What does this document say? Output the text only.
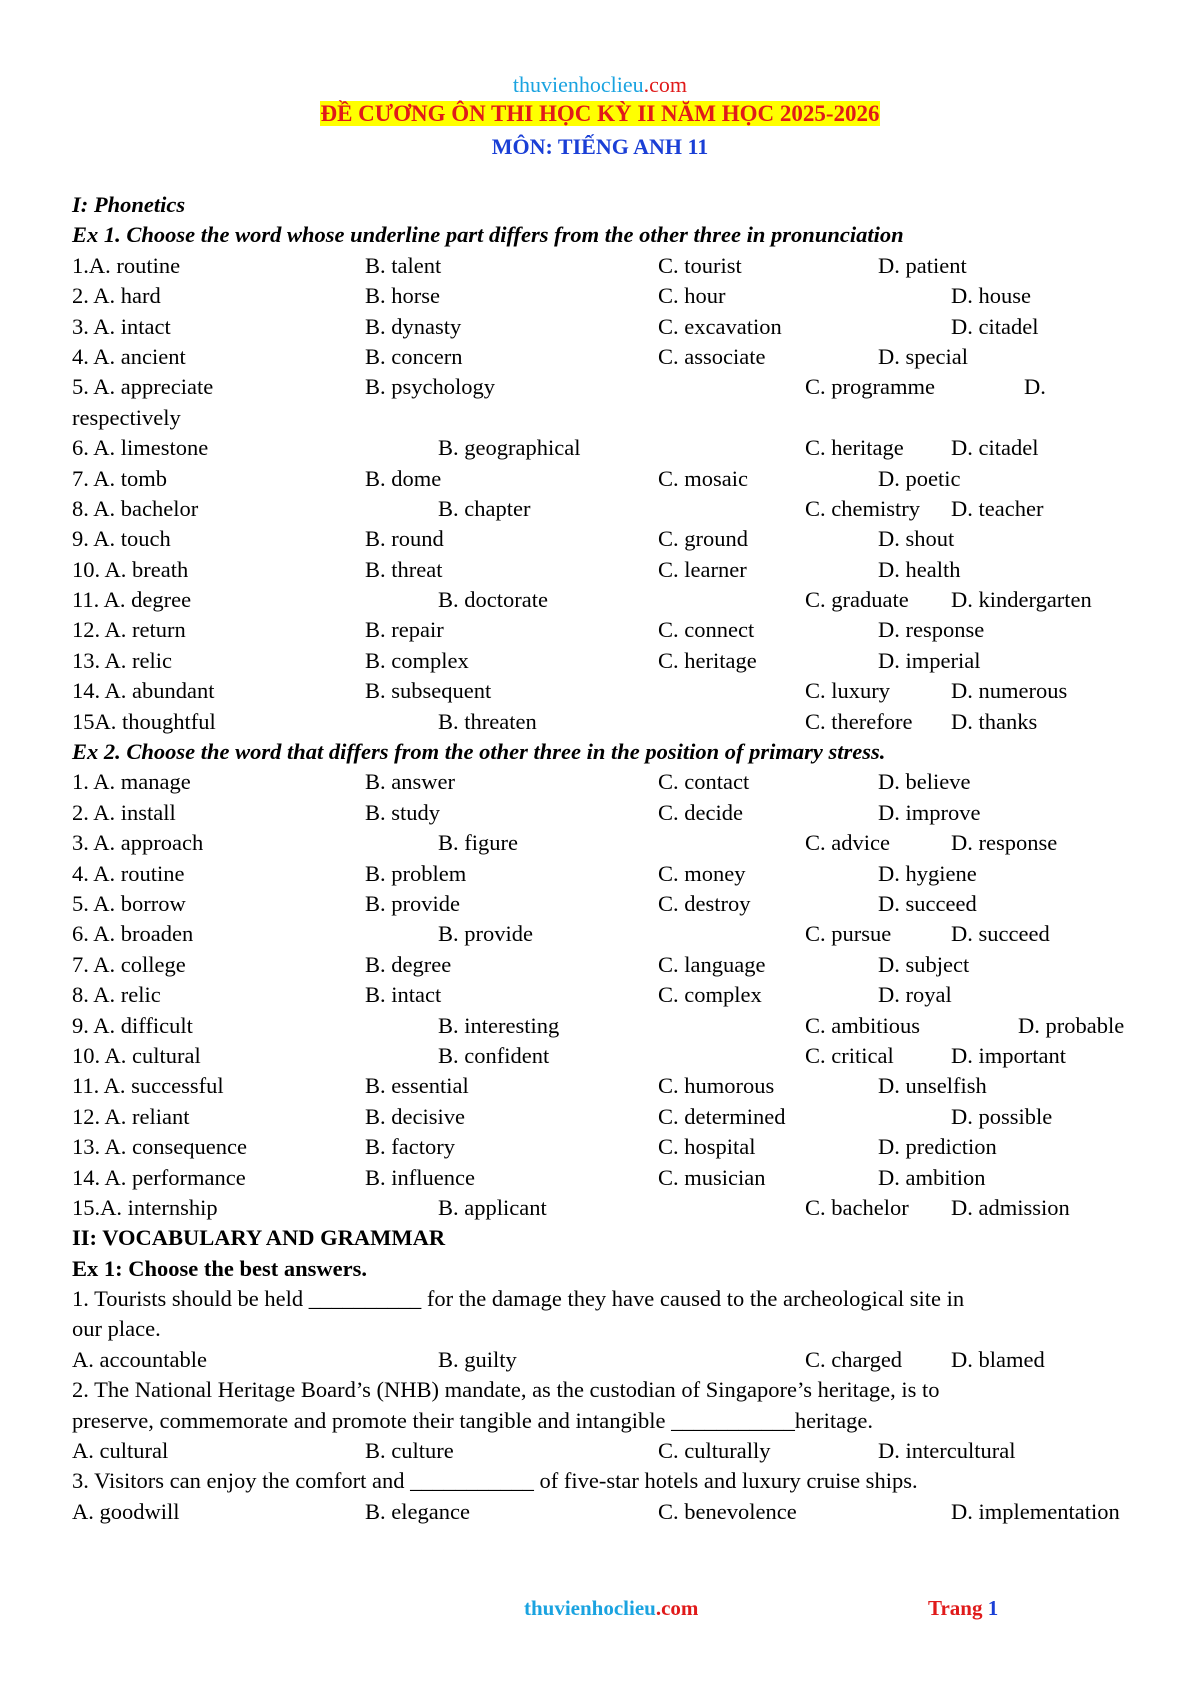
thuvienhoclieu.com
ĐỀ CƯƠNG ÔN THI HỌC KỲ II NĂM HỌC 2025-2026
MÔN: TIẾNG ANH 11
I: Phonetics
Ex 1. Choose the word whose underline part differs from the other three in pronunciation
1.A. routine	B. talent	C. tourist	D. patient
2. A. hard	B. horse	C. hour	D. house
3. A. intact	B. dynasty	C. excavation	D. citadel
4. A. ancient	B. concern	C. associate	D. special
5. A. appreciate	B. psychology	C. programme	D.
respectively
6. A. limestone	B. geographical	C. heritage D. citadel
7. A. tomb	B. dome	C. mosaic	D. poetic
8. A. bachelor	B. chapter	C. chemistry D. teacher
9. A. touch	B. round	C. ground	D. shout
10. A. breath	B. threat	C. learner	D. health
11. A. degree	B. doctorate	C. graduate D. kindergarten
12. A. return	B. repair	C. connect	D. response
13. A. relic	B. complex	C. heritage	D. imperial
14. A. abundant	B. subsequent	C. luxury	D. numerous
15A. thoughtful	B. threaten	C. therefore D. thanks
Ex 2. Choose the word that differs from the other three in the position of primary stress.
1. A. manage	B. answer	C. contact	D. believe
2. A. install	B. study	C. decide	D. improve
3. A. approach	B. figure	C. advice	D. response
4. A. routine	B. problem	C. money	D. hygiene
5. A. borrow	B. provide	C. destroy	D. succeed
6. A. broaden	B. provide	C. pursue	D. succeed
7. A. college	B. degree	C. language	D. subject
8. A. relic	B. intact	C. complex	D. royal
9. A. difficult	B. interesting	C. ambitious	D. probable
10. A. cultural	B. confident	C. critical	D. important
11. A. successful	B. essential	C. humorous	D. unselfish
12. A. reliant	B. decisive	C. determined	D. possible
13. A. consequence	B. factory	C. hospital	D. prediction
14. A. performance	B. influence	C. musician	D. ambition
15.A. internship	B. applicant	C. bachelor D. admission
II: VOCABULARY AND GRAMMAR
Ex 1: Choose the best answers.
1. Tourists should be held __________ for the damage they have caused to the archeological site in
our place.
A. accountable	B. guilty	C. charged D. blamed
2. The National Heritage Board’s (NHB) mandate, as the custodian of Singapore’s heritage, is to
preserve, commemorate and promote their tangible and intangible ___________heritage.
A. cultural	B. culture	C. culturally	D. intercultural
3. Visitors can enjoy the comfort and ___________ of five-star hotels and luxury cruise ships.
A. goodwill	B. elegance	C. benevolence	D. implementation
thuvienhoclieu.com	Trang 1
